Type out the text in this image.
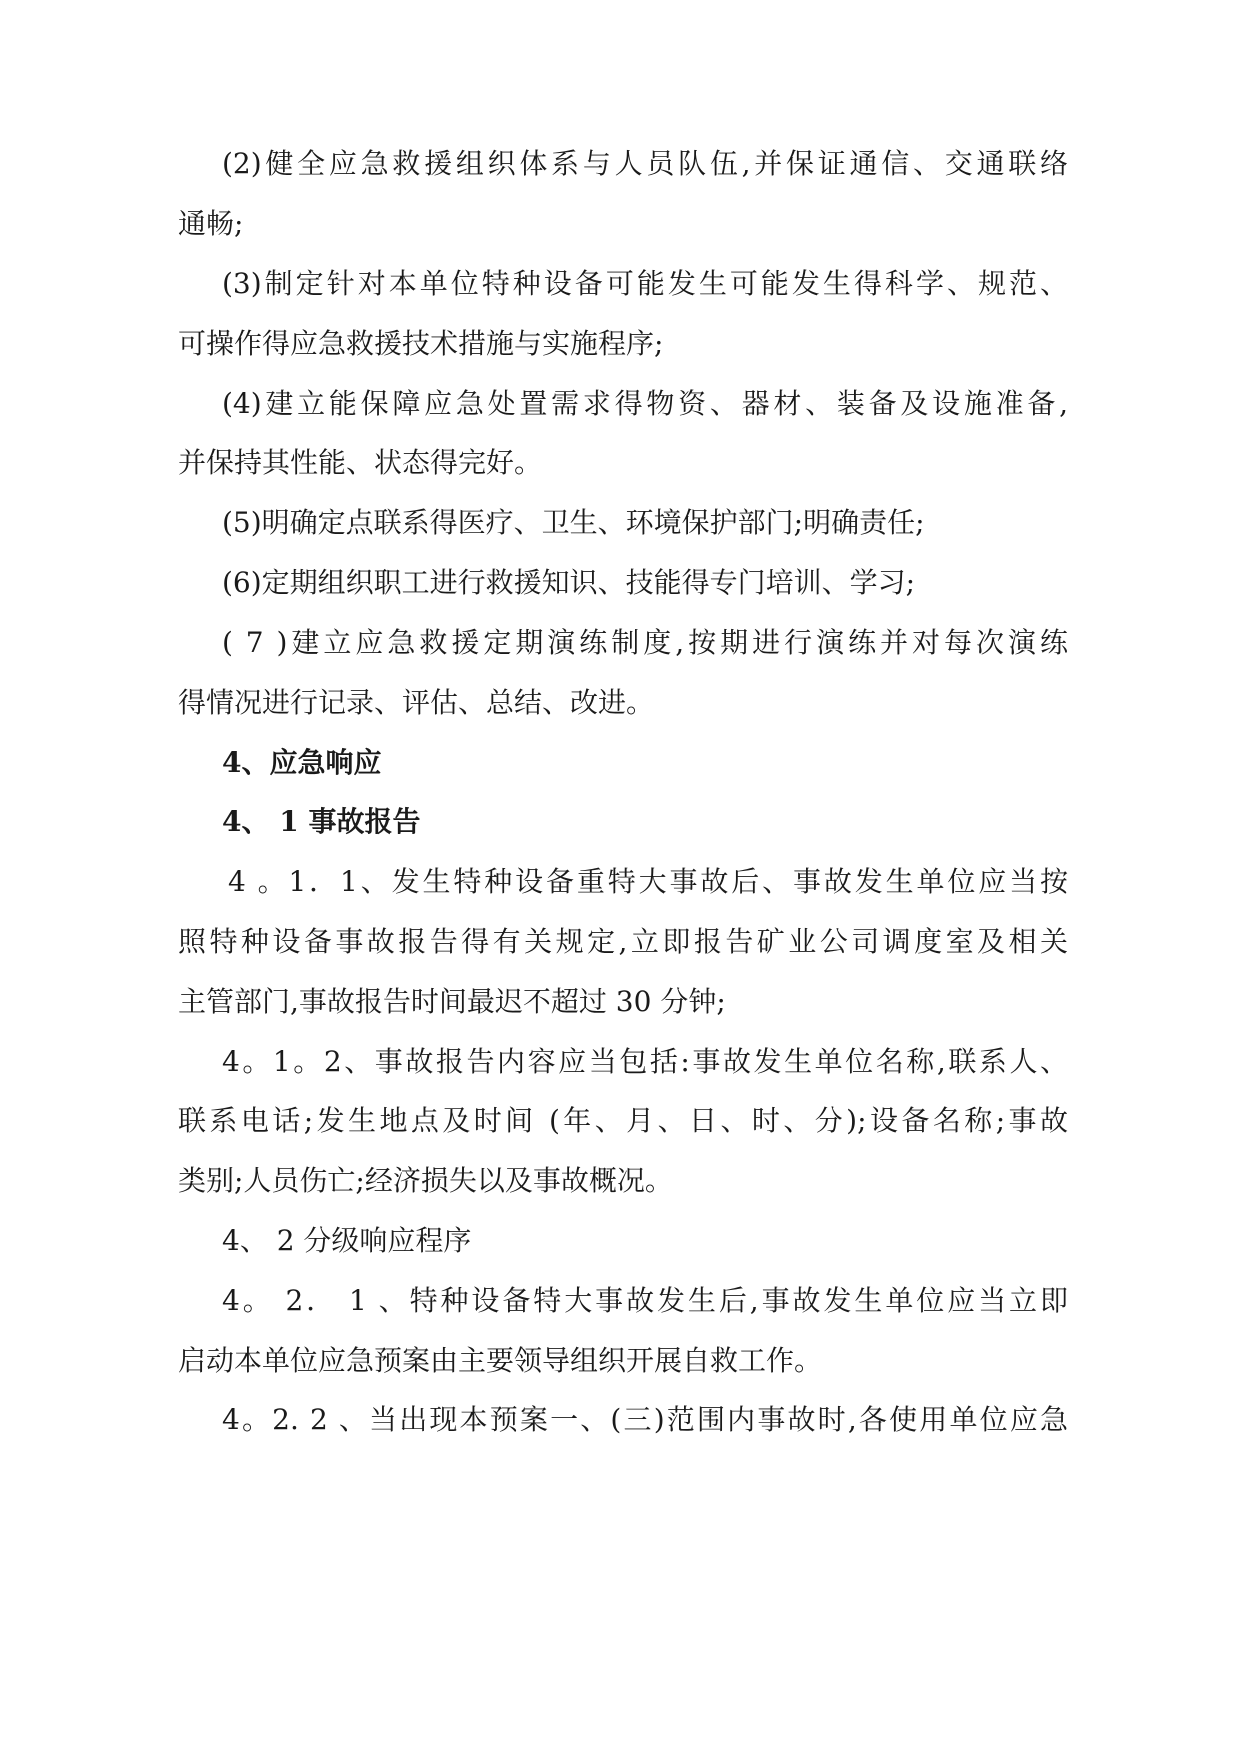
(2)健全应急救援组织体系与人员队伍,并保证通信、交通联络
通畅;
(3)制定针对本单位特种设备可能发生可能发生得科学、规范、
可操作得应急救援技术措施与实施程序;
(4)建立能保障应急处置需求得物资、器材、装备及设施准备,
并保持其性能、状态得完好。
(5)明确定点联系得医疗、卫生、环境保护部门;明确责任;
(6)定期组织职工进行救援知识、技能得专门培训、学习;
( 7 )建立应急救援定期演练制度,按期进行演练并对每次演练
得情况进行记录、评估、总结、改进。
4、应急响应
4、 1 事故报告
4 。1．1、发生特种设备重特大事故后、事故发生单位应当按
照特种设备事故报告得有关规定,立即报告矿业公司调度室及相关
主管部门,事故报告时间最迟不超过 30 分钟;
4。1。2、事故报告内容应当包括:事故发生单位名称,联系人、
联系电话;发生地点及时间 (年、月、日、时、分);设备名称;事故
类别;人员伤亡;经济损失以及事故概况。
4、 2 分级响应程序
4。 2． 1 、特种设备特大事故发生后,事故发生单位应当立即
启动本单位应急预案由主要领导组织开展自救工作。
4。2. 2 、当出现本预案一、(三)范围内事故时,各使用单位应急
